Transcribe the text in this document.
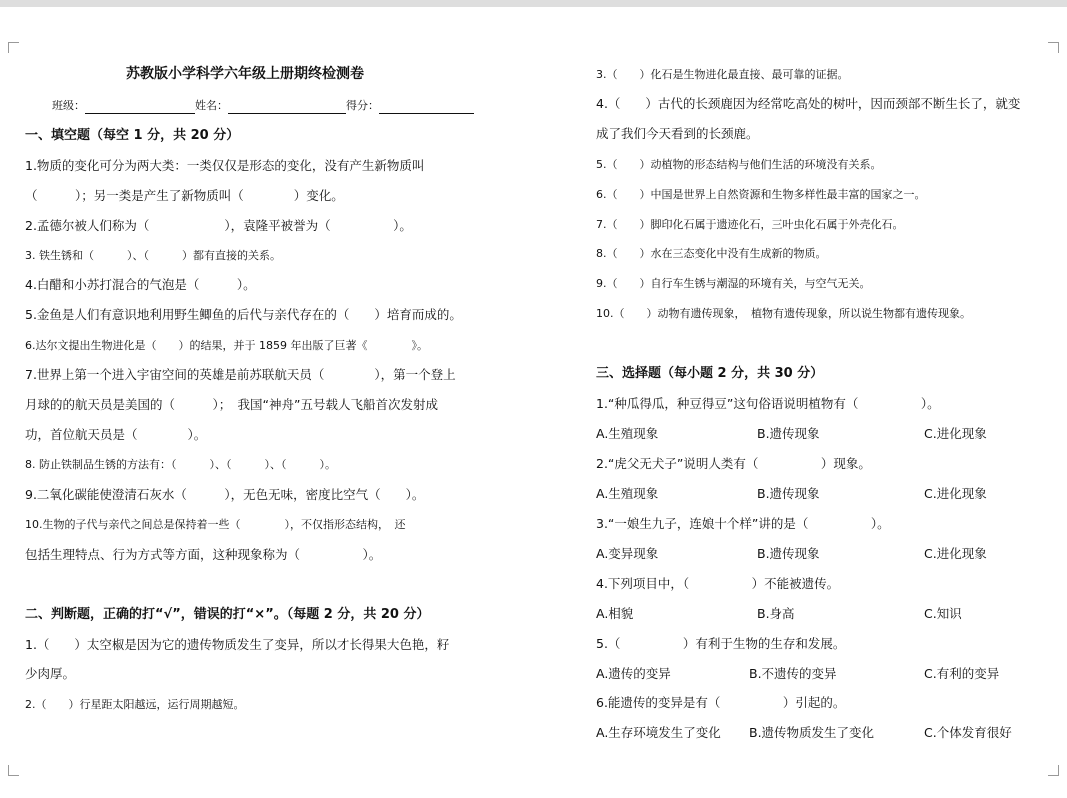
苏教版小学科学六年级上册期终检测卷
班级：	姓名：	得分：
一、填空题（每空 1 分，共 20 分）
1.物质的变化可分为两大类：一类仅仅是形态的变化，没有产生新物质叫
（　　　）；另一类是产生了新物质叫（　　　　）变化。
2.孟德尔被人们称为（　　　　　　），袁隆平被誉为（　　　　　）。
3. 铁生锈和（　　　）、（　　　）都有直接的关系。
4.白醋和小苏打混合的气泡是（　　　）。
5.金鱼是人们有意识地利用野生鲫鱼的后代与亲代存在的（　　）培育而成的。
6.达尔文提出生物进化是（　　）的结果，并于 1859 年出版了巨著《　　　　》。
7.世界上第一个进入宇宙空间的英雄是前苏联航天员（　　　　），第一个登上
月球的的航天员是美国的（　　　）；　我国“神舟”五号载人飞船首次发射成
功，首位航天员是（　　　　）。
8. 防止铁制品生锈的方法有：（　　　）、（　　　）、（　　　）。
9.二氧化碳能使澄清石灰水（　　　），无色无味，密度比空气（　　）。
10.生物的子代与亲代之间总是保持着一些（　　　　），不仅指形态结构，　还
包括生理特点、行为方式等方面，这种现象称为（　　　　　）。
二、判断题，正确的打“√”，错误的打“×”。（每题 2 分，共 20 分）
1.（　　）太空椒是因为它的遗传物质发生了变异，所以才长得果大色艳，籽
少肉厚。
2.（　　）行星距太阳越远，运行周期越短。
3.（　　）化石是生物进化最直接、最可靠的证据。
4.（　　）古代的长颈鹿因为经常吃高处的树叶，因而颈部不断生长了，就变
成了我们今天看到的长颈鹿。
5.（　　）动植物的形态结构与他们生活的环境没有关系。
6.（　　）中国是世界上自然资源和生物多样性最丰富的国家之一。
7.（　　）脚印化石属于遗迹化石，三叶虫化石属于外壳化石。
8.（　　）水在三态变化中没有生成新的物质。
9.（　　）自行车生锈与潮湿的环境有关，与空气无关。
10.（　　）动物有遗传现象，　植物有遗传现象，所以说生物都有遗传现象。
三、选择题（每小题 2 分，共 30 分）
1.“种瓜得瓜，种豆得豆”这句俗语说明植物有（　　　　　）。
A.生殖现象	B.遗传现象	C.进化现象
2.“虎父无犬子”说明人类有（　　　　　）现象。
A.生殖现象	B.遗传现象	C.进化现象
3.“一娘生九子，连娘十个样”讲的是（　　　　　）。
A.变异现象	B.遗传现象	C.进化现象
4.下列项目中，（　　　　　）不能被遗传。
A.相貌	B.身高	C.知识
5.（　　　　　）有利于生物的生存和发展。
A.遗传的变异	B.不遗传的变异	C.有利的变异
6.能遗传的变异是有（　　　　　）引起的。
A.生存环境发生了变化 B.遗传物质发生了变化	C.个体发育很好
